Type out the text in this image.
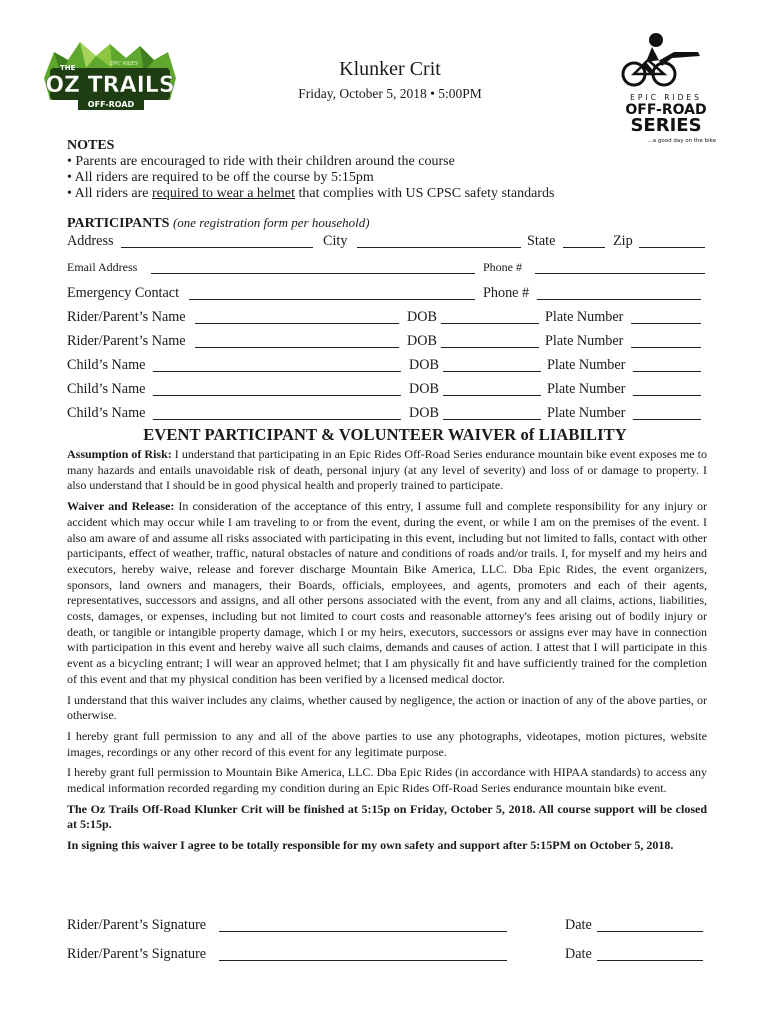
THE	EPIC RIDES
OZ TRAILS
OFF-ROAD
EPIC RIDES
OFF-ROAD
SERIES
...a good day on the bike
Klunker Crit
Friday, October 5, 2018 • 5:00PM
NOTES
• Parents are encouraged to ride with their children around the course
• All riders are required to be off the course by 5:15pm
• All riders are required to wear a helmet that complies with US CPSC safety standards
PARTICIPANTS (one registration form per household)
Address	City	State	Zip
Email Address	Phone #
Emergency Contact	Phone #
Rider/Parent’s Name	DOB	Plate Number
Rider/Parent’s Name	DOB	Plate Number
Child’s Name	DOB	Plate Number
Child’s Name	DOB	Plate Number
Child’s Name	DOB	Plate Number
EVENT PARTICIPANT & VOLUNTEER WAIVER of LIABILITY

Assumption of Risk: I understand that participating in an Epic Rides Off-Road Series endurance mountain bike event exposes me to many hazards and entails unavoidable risk of death, personal injury (at any level of severity) and loss of or damage to property. I also understand that I should be in good physical health and properly trained to participate.

Waiver and Release: In consideration of the acceptance of this entry, I assume full and complete responsibility for any injury or accident which may occur while I am traveling to or from the event, during the event, or while I am on the premises of the event. I also am aware of and assume all risks associated with participating in this event, including but not limited to falls, contact with other participants, effect of weather, traffic, natural obstacles of nature and conditions of roads and/or trails. I, for myself and my heirs and executors, hereby waive, release and forever discharge Mountain Bike America, LLC. Dba Epic Rides, the event organizers, sponsors, land owners and managers, their Boards, officials, employees, and agents, promoters and each of their agents, representatives, successors and assigns, and all other persons associated with the event, from any and all claims, actions, liabilities, costs, damages, or expenses, including but not limited to court costs and reasonable attorney's fees arising out of bodily injury or death, or tangible or intangible property damage, which I or my heirs, executors, successors or assigns ever may have in connection with participation in this event and hereby waive all such claims, demands and causes of action. I attest that I will participate in this event as a bicycling entrant; I will wear an approved helmet; that I am physically fit and have sufficiently trained for the completion of this event and that my physical condition has been verified by a licensed medical doctor.

I understand that this waiver includes any claims, whether caused by negligence, the action or inaction of any of the above parties, or otherwise.

I hereby grant full permission to any and all of the above parties to use any photographs, videotapes, motion pictures, website images, recordings or any other record of this event for any legitimate purpose.

I hereby grant full permission to Mountain Bike America, LLC. Dba Epic Rides (in accordance with HIPAA standards) to access any medical information recorded regarding my condition during an Epic Rides Off-Road Series endurance mountain bike event.

The Oz Trails Off-Road Klunker Crit will be finished at 5:15p on Friday, October 5, 2018. All course support will be closed at 5:15p.

In signing this waiver I agree to be totally responsible for my own safety and support after 5:15PM on October 5, 2018.

Rider/Parent’s Signature	Date
Rider/Parent’s Signature	Date
